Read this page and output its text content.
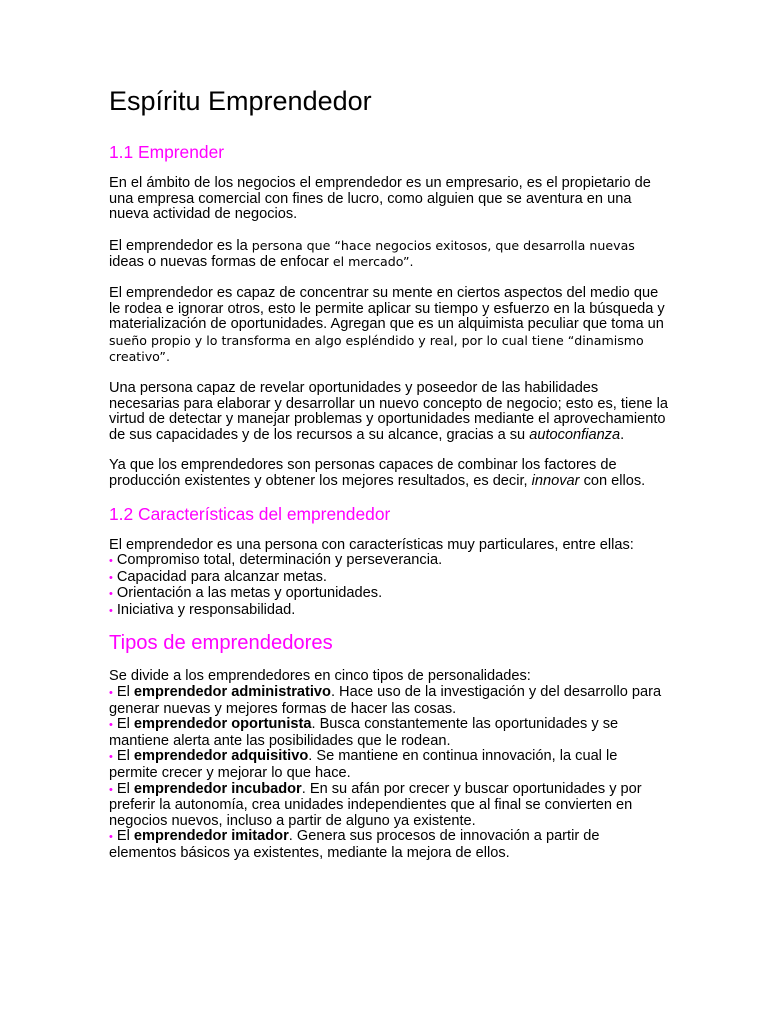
Espíritu Emprendedor
1.1 Emprender

En el ámbito de los negocios el emprendedor es un empresario, es el propietario de una empresa comercial con fines de lucro, como alguien que se aventura en una nueva actividad de negocios.

El emprendedor es la persona que “hace negocios exitosos, que desarrolla nuevas
ideas o nuevas formas de enfocar el mercado”.

El emprendedor es capaz de concentrar su mente en ciertos aspectos del medio que le rodea e ignorar otros, esto le permite aplicar su tiempo y esfuerzo en la búsqueda y materialización de oportunidades. Agregan que es un alquimista peculiar que toma un sueño propio y lo transforma en algo espléndido y real, por lo cual tiene “dinamismo creativo”.

Una persona capaz de revelar oportunidades y poseedor de las habilidades necesarias para elaborar y desarrollar un nuevo concepto de negocio; esto es, tiene la virtud de detectar y manejar problemas y oportunidades mediante el aprovechamiento de sus capacidades y de los recursos a su alcance, gracias a su autoconfianza.

Ya que los emprendedores son personas capaces de combinar los factores de producción existentes y obtener los mejores resultados, es decir, innovar con ellos.

1.2 Características del emprendedor

El emprendedor es una persona con características muy particulares, entre ellas:

• Compromiso total, determinación y perseverancia.
• Capacidad para alcanzar metas.
• Orientación a las metas y oportunidades.
• Iniciativa y responsabilidad.
Tipos de emprendedores

Se divide a los emprendedores en cinco tipos de personalidades:

• El emprendedor administrativo. Hace uso de la investigación y del desarrollo para generar nuevas y mejores formas de hacer las cosas.

• El emprendedor oportunista. Busca constantemente las oportunidades y se mantiene alerta ante las posibilidades que le rodean.

• El emprendedor adquisitivo. Se mantiene en continua innovación, la cual le permite crecer y mejorar lo que hace.

• El emprendedor incubador. En su afán por crecer y buscar oportunidades y por preferir la autonomía, crea unidades independientes que al final se convierten en negocios nuevos, incluso a partir de alguno ya existente.

• El emprendedor imitador. Genera sus procesos de innovación a partir de elementos básicos ya existentes, mediante la mejora de ellos.
